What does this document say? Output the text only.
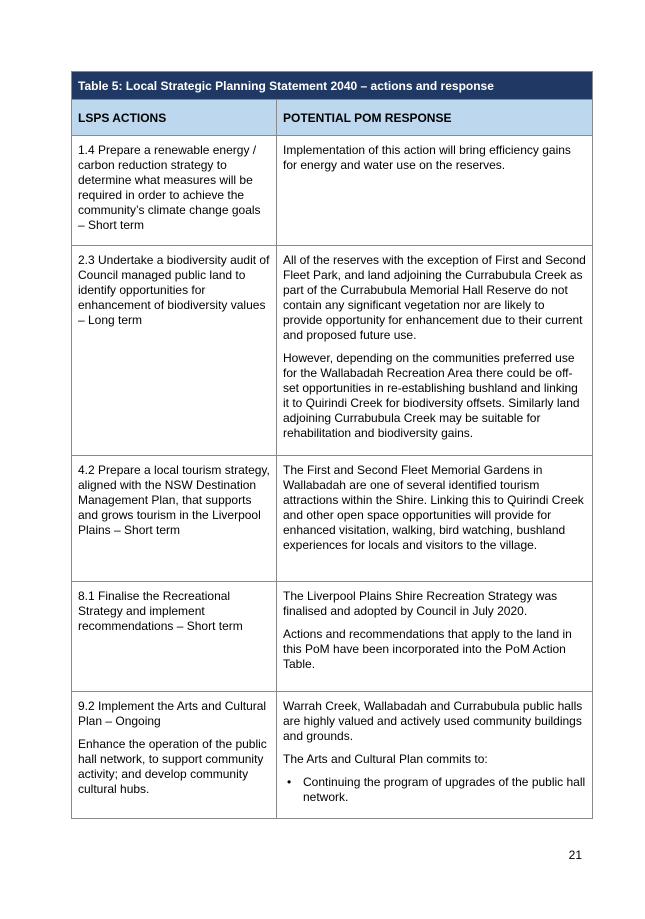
Table 5: Local Strategic Planning Statement 2040 – actions and response
LSPS ACTIONS	POTENTIAL POM RESPONSE

1.4 Prepare a renewable energy / carbon reduction strategy to determine what measures will be required in order to achieve the community’s climate change goals – Short term

Implementation of this action will bring efficiency gains for energy and water use on the reserves.

2.3 Undertake a biodiversity audit of Council managed public land to identify opportunities for enhancement of biodiversity values – Long term

All of the reserves with the exception of First and Second Fleet Park, and land adjoining the Currabubula Creek as part of the Currabubula Memorial Hall Reserve do not contain any significant vegetation nor are likely to provide opportunity for enhancement due to their current and proposed future use.

However, depending on the communities preferred use for the Wallabadah Recreation Area there could be off-set opportunities in re-establishing bushland and linking it to Quirindi Creek for biodiversity offsets. Similarly land adjoining Currabubula Creek may be suitable for rehabilitation and biodiversity gains.

4.2 Prepare a local tourism strategy, aligned with the NSW Destination Management Plan, that supports and grows tourism in the Liverpool Plains – Short term

The First and Second Fleet Memorial Gardens in Wallabadah are one of several identified tourism attractions within the Shire. Linking this to Quirindi Creek and other open space opportunities will provide for enhanced visitation, walking, bird watching, bushland experiences for locals and visitors to the village.

8.1 Finalise the Recreational Strategy and implement recommendations – Short term

The Liverpool Plains Shire Recreation Strategy was finalised and adopted by Council in July 2020.

Actions and recommendations that apply to the land in this PoM have been incorporated into the PoM Action Table.

9.2 Implement the Arts and Cultural Plan – Ongoing

Enhance the operation of the public hall network, to support community activity; and develop community cultural hubs.

Warrah Creek, Wallabadah and Currabubula public halls are highly valued and actively used community buildings and grounds.

The Arts and Cultural Plan commits to:

• Continuing the program of upgrades of the public hall network.
21
